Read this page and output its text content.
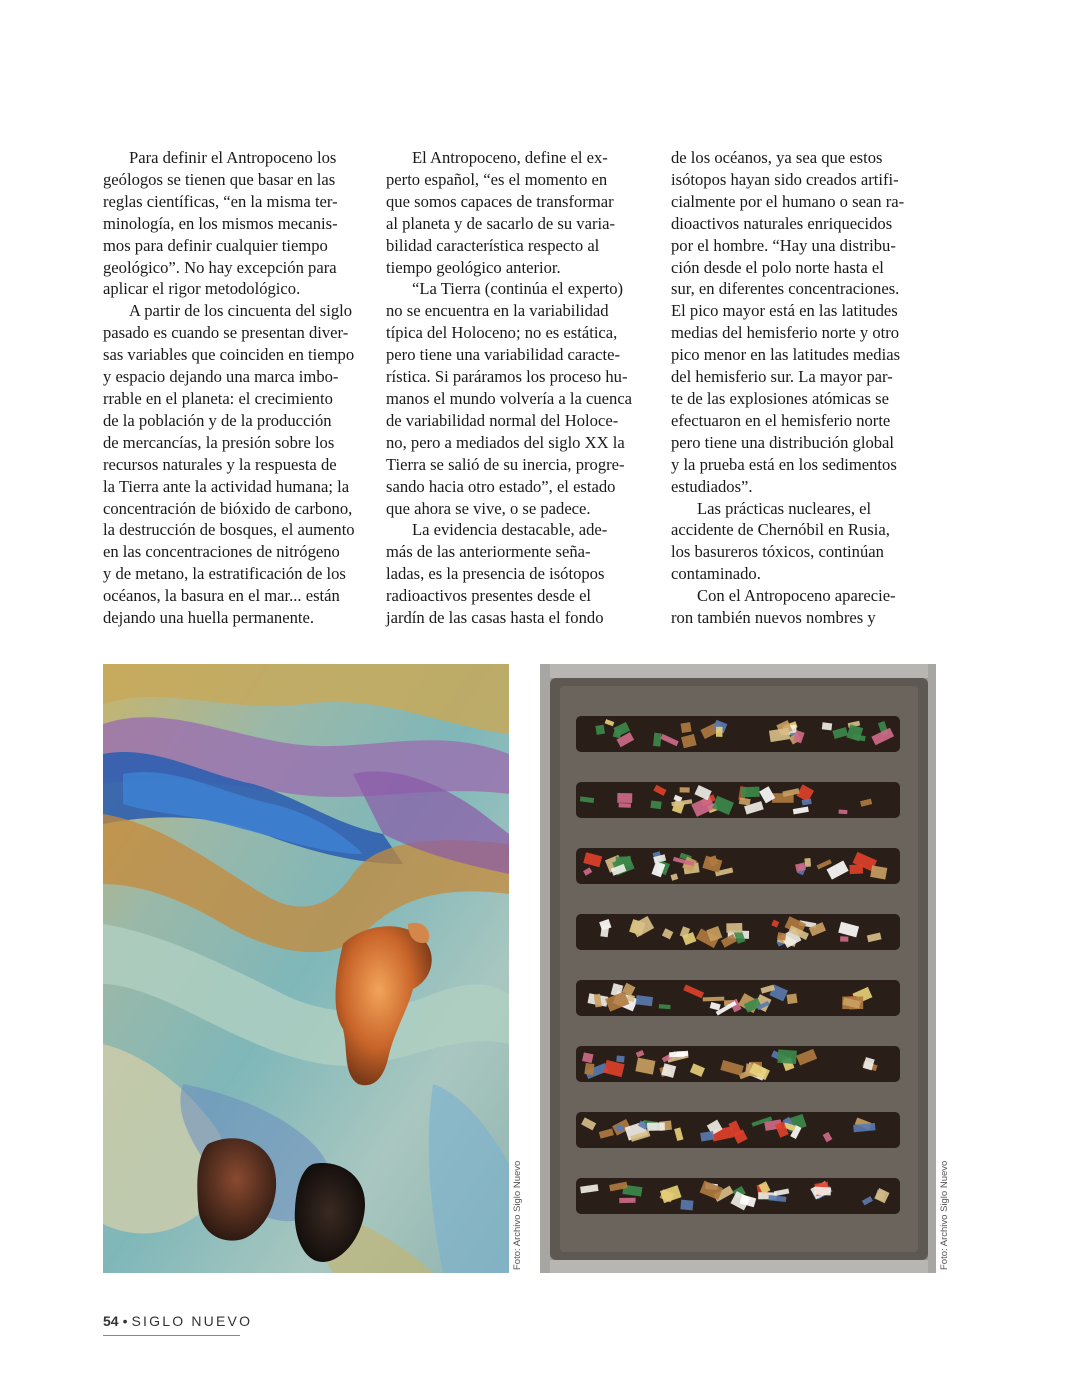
Para definir el Antropoceno los
geólogos se tienen que basar en las
reglas científicas, “en la misma ter-
minología, en los mismos mecanis-
mos para definir cualquier tiempo
geológico”. No hay excepción para
aplicar el rigor metodológico.

A partir de los cincuenta del siglo
pasado es cuando se presentan diver-
sas variables que coinciden en tiempo
y espacio dejando una marca imbo-
rrable en el planeta: el crecimiento
de la población y de la producción
de mercancías, la presión sobre los
recursos naturales y la respuesta de
la Tierra ante la actividad humana; la
concentración de bióxido de carbono,
la destrucción de bosques, el aumento
en las concentraciones de nitrógeno
y de metano, la estratificación de los
océanos, la basura en el mar... están
dejando una huella permanente.

El Antropoceno, define el ex-
perto español, “es el momento en
que somos capaces de transformar
al planeta y de sacarlo de su varia-
bilidad característica respecto al
tiempo geológico anterior.

“La Tierra (continúa el experto)
no se encuentra en la variabilidad
típica del Holoceno; no es estática,
pero tiene una variabilidad caracte-
rística. Si paráramos los proceso hu-
manos el mundo volvería a la cuenca
de variabilidad normal del Holoce-
no, pero a mediados del siglo XX la
Tierra se salió de su inercia, progre-
sando hacia otro estado”, el estado
que ahora se vive, o se padece.

La evidencia destacable, ade-
más de las anteriormente seña-
ladas, es la presencia de isótopos
radioactivos presentes desde el
jardín de las casas hasta el fondo

de los océanos, ya sea que estos
isótopos hayan sido creados artifi-
cialmente por el humano o sean ra-
dioactivos naturales enriquecidos
por el hombre. “Hay una distribu-
ción desde el polo norte hasta el
sur, en diferentes concentraciones.
El pico mayor está en las latitudes
medias del hemisferio norte y otro
pico menor en las latitudes medias
del hemisferio sur. La mayor par-
te de las explosiones atómicas se
efectuaron en el hemisferio norte
pero tiene una distribución global
y la prueba está en los sedimentos
estudiados”.

Las prácticas nucleares, el
accidente de Chernóbil en Rusia,
los basureros tóxicos, continúan
contaminado.

Con el Antropoceno aparecie-
ron también nuevos nombres y

Foto: Archivo Siglo Nuevo	Foto: Archivo Siglo Nuevo
54 • SIGLO NUEVO
